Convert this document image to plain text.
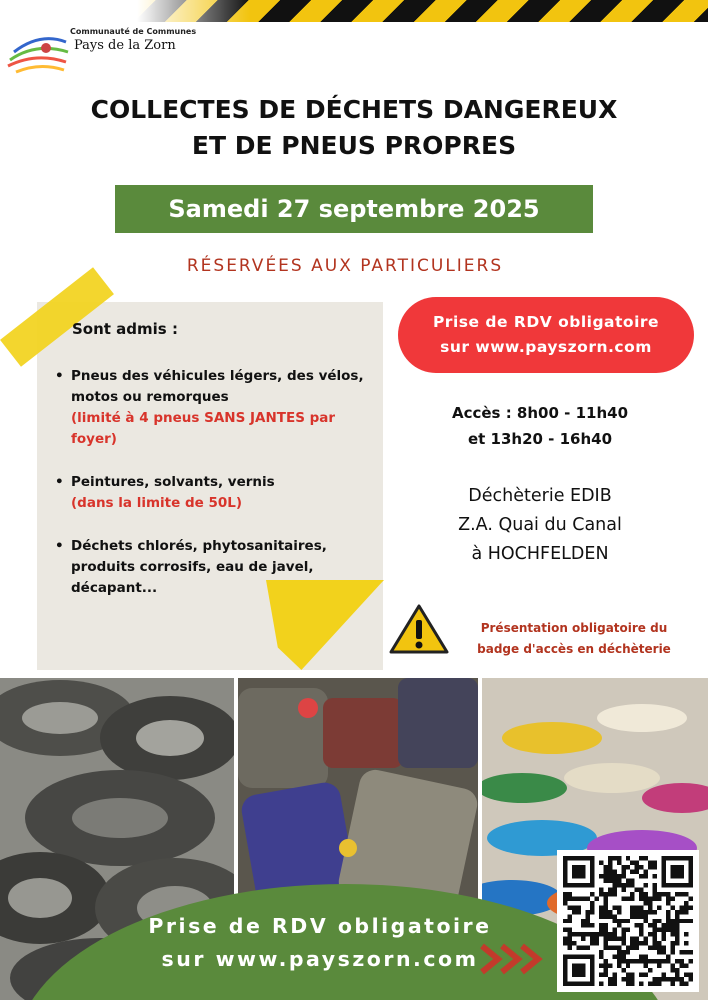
Communauté de Communes
Pays de la Zorn
COLLECTES DE DÉCHETS DANGEREUX
ET DE PNEUS PROPRES
Samedi 27 septembre 2025
RÉSERVÉES AUX PARTICULIERS
Sont admis :
• Pneus des véhicules légers, des vélos, motos ou remorques
(limité à 4 pneus SANS JANTES par foyer)
• Peintures, solvants, vernis
(dans la limite de 50L)
• Déchets chlorés, phytosanitaires, produits corrosifs, eau de javel, décapant...
Prise de RDV obligatoire
sur www.payszorn.com
Accès : 8h00 - 11h40
et 13h20 - 16h40
Déchèterie EDIB
Z.A. Quai du Canal
à HOCHFELDEN
Présentation obligatoire du
badge d'accès en déchèterie
Prise de RDV obligatoire
sur www.payszorn.com
